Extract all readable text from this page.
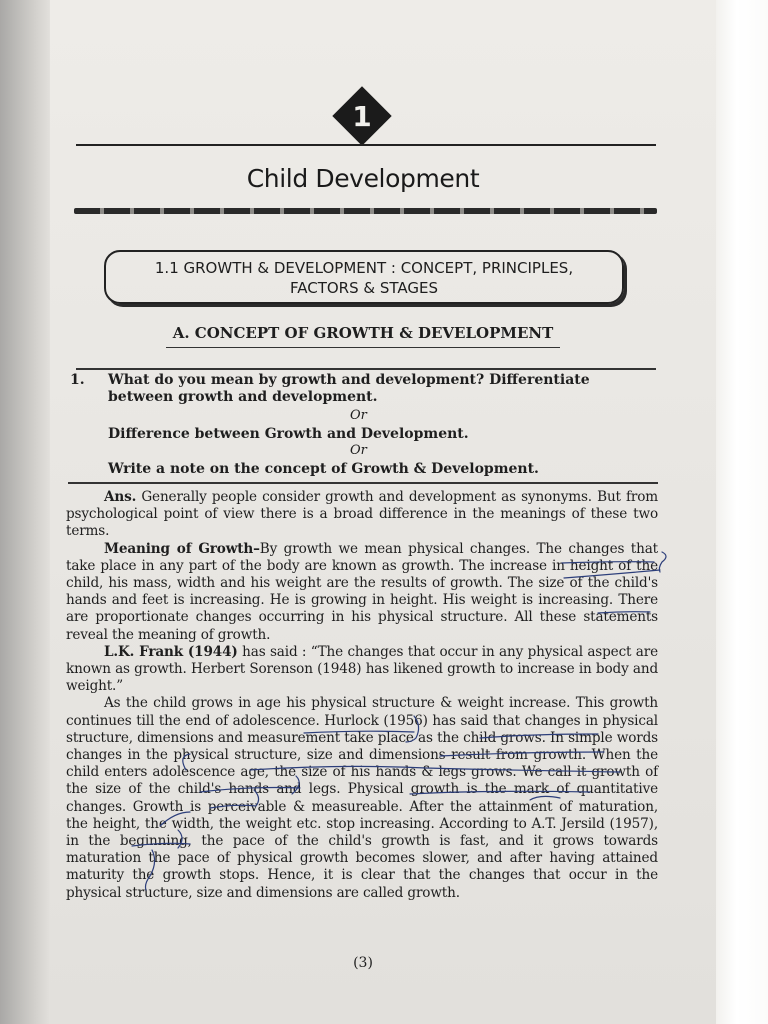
1
Child Development
1.1 GROWTH & DEVELOPMENT : CONCEPT, PRINCIPLES,
FACTORS & STAGES
A. CONCEPT OF GROWTH & DEVELOPMENT
1. What do you mean by growth and development? Differentiate
between growth and development.
Or
Difference between Growth and Development.
Or
Write a note on the concept of Growth & Development.

Ans. Generally people consider growth and development as synonyms. But from psychological point of view there is a broad difference in the meanings of these two terms.

Meaning of Growth–By growth we mean physical changes. The changes that take place in any part of the body are known as growth. The increase in height of the child, his mass, width and his weight are the results of growth. The size of the child's hands and feet is increasing. He is growing in height. His weight is increasing. There are proportionate changes occurring in his physical structure. All these statements reveal the meaning of growth.

L.K. Frank (1944) has said : “The changes that occur in any physical aspect are known as growth. Herbert Sorenson (1948) has likened growth to increase in body and weight.”

As the child grows in age his physical structure & weight increase. This growth continues till the end of adolescence. Hurlock (1956) has said that changes in physical structure, dimensions and measurement take place as the child grows. In simple words changes in the physical structure, size and dimensions result from growth. When the child enters adolescence age, the size of his hands & legs grows. We call it growth of the size of the child's hands and legs. Physical growth is the mark of quantitative changes. Growth is perceivable & measureable. After the attainment of maturation, the height, the width, the weight etc. stop increasing. According to A.T. Jersild (1957), in the beginning, the pace of the child's growth is fast, and it grows towards maturation the pace of physical growth becomes slower, and after having attained maturity the growth stops. Hence, it is clear that the changes that occur in the physical structure, size and dimensions are called growth.

(3)
